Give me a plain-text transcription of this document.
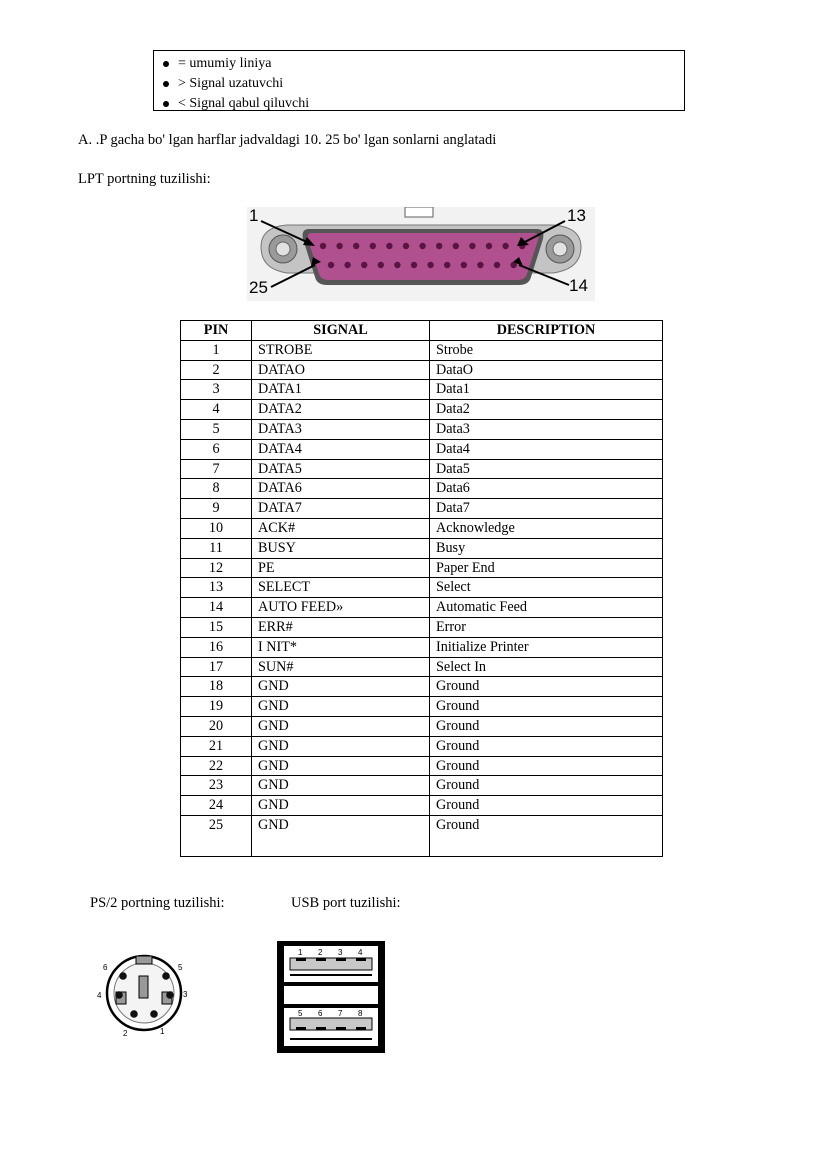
= umumiy liniya
> Signal uzatuvchi
< Signal qabul qiluvchi
A. .P gacha bo' lgan harflar jadvaldagi 10. 25 bo' lgan sonlarni anglatadi
LPT portning tuzilishi:
1	13
25	14
PIN	SIGNAL	DESCRIPTION
1	STROBE	Strobe
2	DATAO	DataO
3	DATA1	Data1
4	DATA2	Data2
5	DATA3	Data3
6	DATA4	Data4
7	DATA5	Data5
8	DATA6	Data6
9	DATA7	Data7
10	ACK#	Acknowledge
11	BUSY	Busy
12	PE	Paper End
13	SELECT	Select
14	AUTO FEED»	Automatic Feed
15	ERR#	Error
16	I NIT*	Initialize Printer
17	SUN#	Select In
18	GND	Ground
19	GND	Ground
20	GND	Ground
21	GND	Ground
22	GND	Ground
23	GND	Ground
24	GND	Ground
25	GND	Ground
PS/2 portning tuzilishi:	USB port tuzilishi:
6	5
4	3
2	1
1 2 3 4
5 6 7 8
